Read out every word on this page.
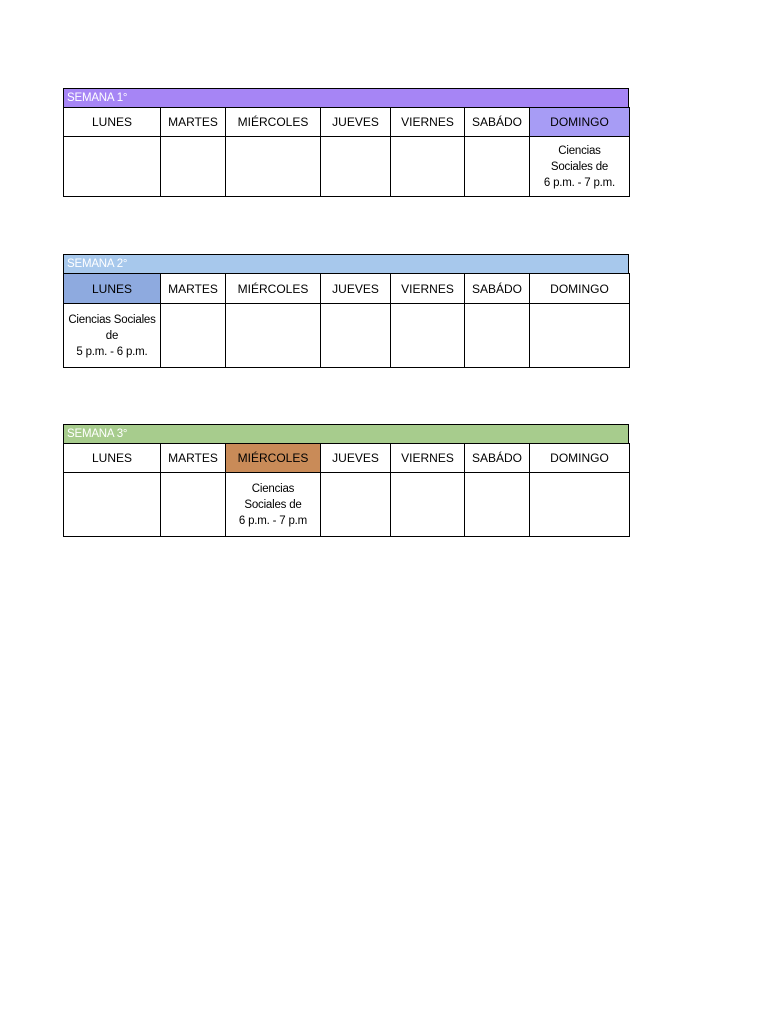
SEMANA 1°
LUNES	MARTES	MIÉRCOLES	JUEVES	VIERNES	SABÁDO	DOMINGO

						Ciencias
Sociales de
6 p.m. - 7 p.m.
SEMANA 2°
LUNES	MARTES	MIÉRCOLES	JUEVES	VIERNES	SABÁDO	DOMINGO

Ciencias Sociales
de
5 p.m. - 6 p.m.						

SEMANA 3°
LUNES	MARTES	MIÉRCOLES	JUEVES	VIERNES	SABÁDO	DOMINGO

		Ciencias
Sociales de
6 p.m. - 7 p.m				
